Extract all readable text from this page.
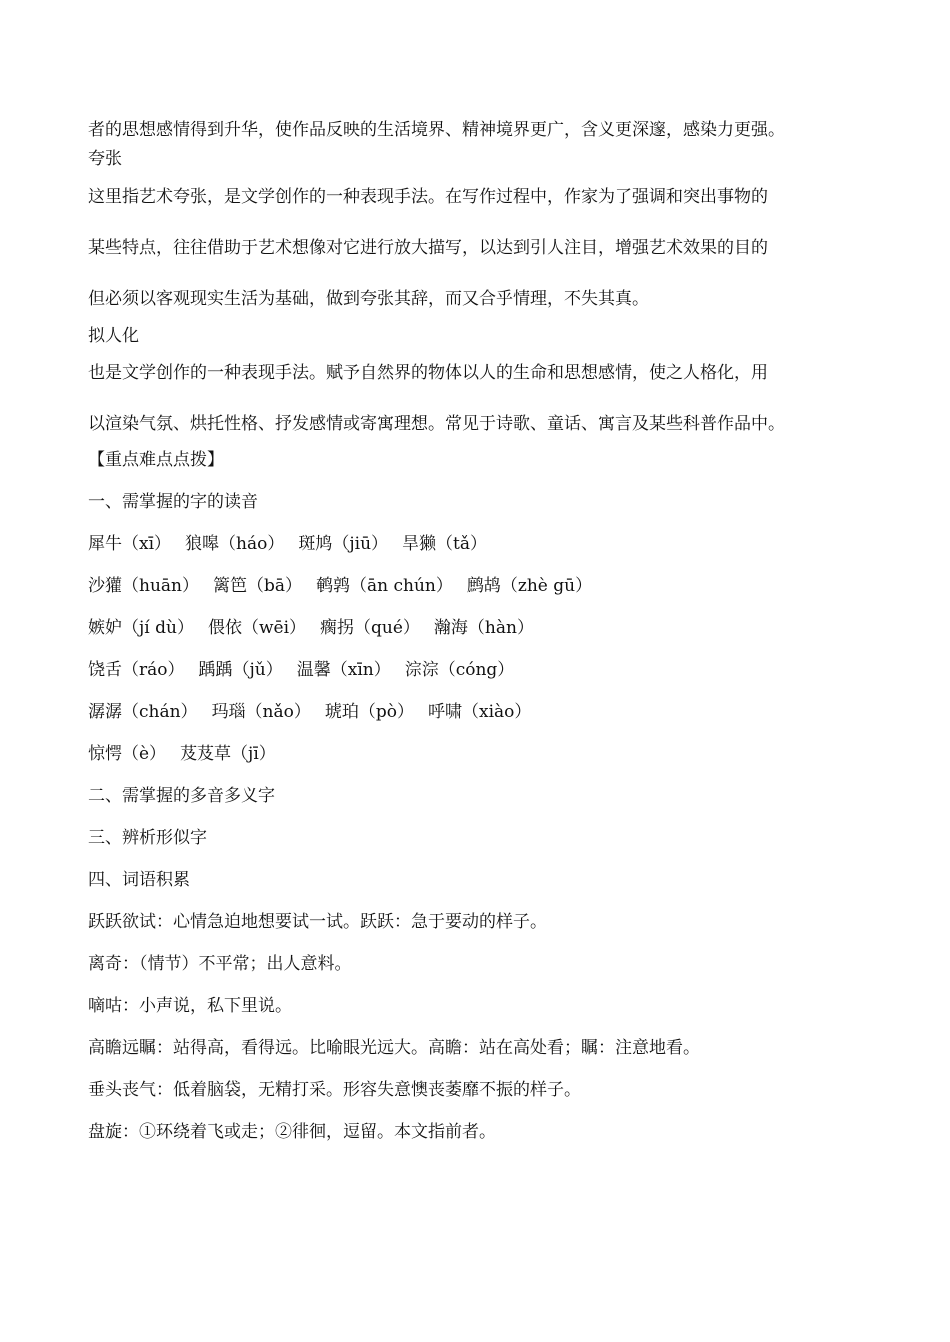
者的思想感情得到升华，使作品反映的生活境界、精神境界更广，含义更深邃，感染力更强。

夸张

这里指艺术夸张，是文学创作的一种表现手法。在写作过程中，作家为了强调和突出事物的

某些特点，往往借助于艺术想像对它进行放大描写，以达到引人注目，增强艺术效果的目的

但必须以客观现实生活为基础，做到夸张其辞，而又合乎情理，不失其真。

拟人化

也是文学创作的一种表现手法。赋予自然界的物体以人的生命和思想感情，使之人格化，用

以渲染气氛、烘托性格、抒发感情或寄寓理想。常见于诗歌、童话、寓言及某些科普作品中。

【重点难点点拨】

一、需掌握的字的读音

犀牛（xī） 狼嗥（háo） 斑鸠（jiū） 旱獭（tǎ）

沙獾（huān） 篱笆（bā） 鹌鹑（ān chún） 鹧鸪（zhè gū）

嫉妒（jí dù） 偎依（wēi） 瘸拐（qué） 瀚海（hàn）

饶舌（ráo） 踽踽（jǔ） 温馨（xīn） 淙淙（cóng）

潺潺（chán） 玛瑙（nǎo） 琥珀（pò） 呼啸（xiào）

惊愕（è） 芨芨草（jī）

二、需掌握的多音多义字

三、辨析形似字

四、词语积累

跃跃欲试：心情急迫地想要试一试。跃跃：急于要动的样子。

离奇：（情节）不平常；出人意料。

嘀咕：小声说，私下里说。

高瞻远瞩：站得高，看得远。比喻眼光远大。高瞻：站在高处看；瞩：注意地看。

垂头丧气：低着脑袋，无精打采。形容失意懊丧萎靡不振的样子。

盘旋：①环绕着飞或走；②徘徊，逗留。本文指前者。
